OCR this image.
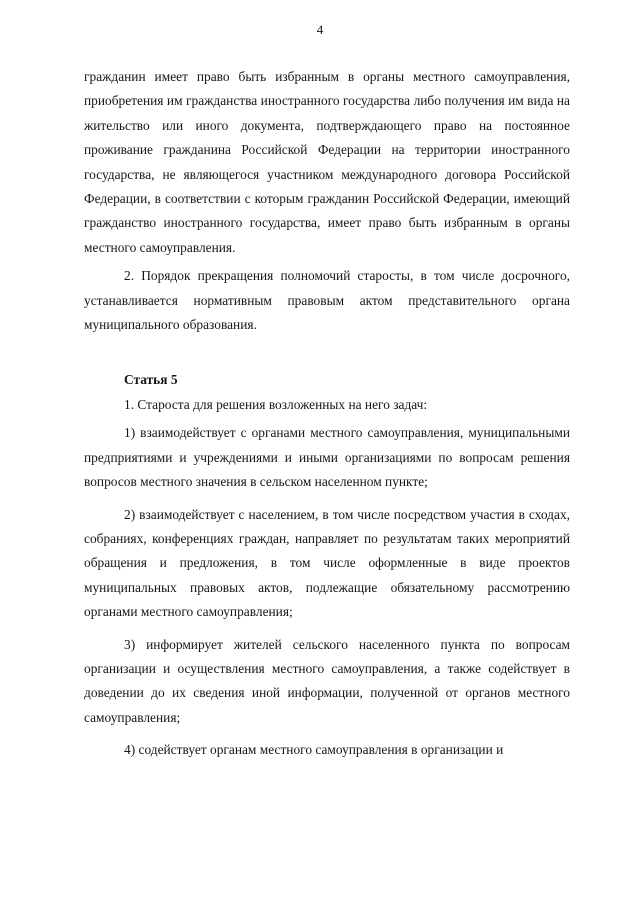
4

гражданин имеет право быть избранным в органы местного самоуправления, приобретения им гражданства иностранного государства либо получения им вида на жительство или иного документа, подтверждающего право на постоянное проживание гражданина Российской Федерации на территории иностранного государства, не являющегося участником международного договора Российской Федерации, в соответствии с которым гражданин Российской Федерации, имеющий гражданство иностранного государства, имеет право быть избранным в органы местного самоуправления.

2. Порядок прекращения полномочий старосты, в том числе досрочного, устанавливается нормативным правовым актом представительного органа муниципального образования.

Статья 5

1. Староста для решения возложенных на него задач:

1) взаимодействует с органами местного самоуправления, муниципальными предприятиями и учреждениями и иными организациями по вопросам решения вопросов местного значения в сельском населенном пункте;

2) взаимодействует с населением, в том числе посредством участия в сходах, собраниях, конференциях граждан, направляет по результатам таких мероприятий обращения и предложения, в том числе оформленные в виде проектов муниципальных правовых актов, подлежащие обязательному рассмотрению органами местного самоуправления;

3) информирует жителей сельского населенного пункта по вопросам организации и осуществления местного самоуправления, а также содействует в доведении до их сведения иной информации, полученной от органов местного самоуправления;

4) содействует органам местного самоуправления в организации и
